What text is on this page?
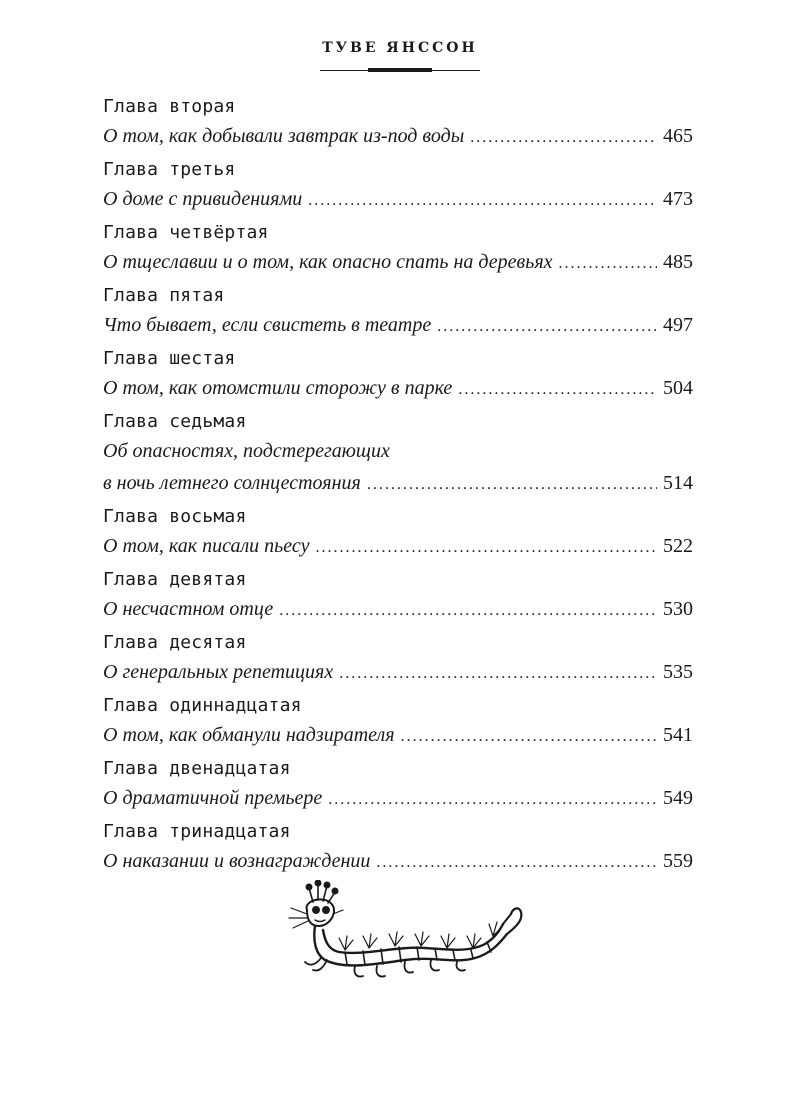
ТУВЕ ЯНССОН
Глава вторая
О том, как добывали завтрак из-под воды . . .	465
Глава третья
О доме с привидениями . . .	473
Глава четвёртая
О тщеславии и о том, как опасно спать на деревьях . . .	485
Глава пятая
Что бывает, если свистеть в театре . . .	497
Глава шестая
О том, как отомстили сторожу в парке . . .	504
Глава седьмая
Об опасностях, подстерегающих
в ночь летнего солнцестояния . . .	514
Глава восьмая
О том, как писали пьесу . . .	522
Глава девятая
О несчастном отце . . .	530
Глава десятая
О генеральных репетициях . . .	535
Глава одиннадцатая
О том, как обманули надзирателя . . .	541
Глава двенадцатая
О драматичной премьере . . .	549
Глава тринадцатая
О наказании и вознаграждении . . .	559
